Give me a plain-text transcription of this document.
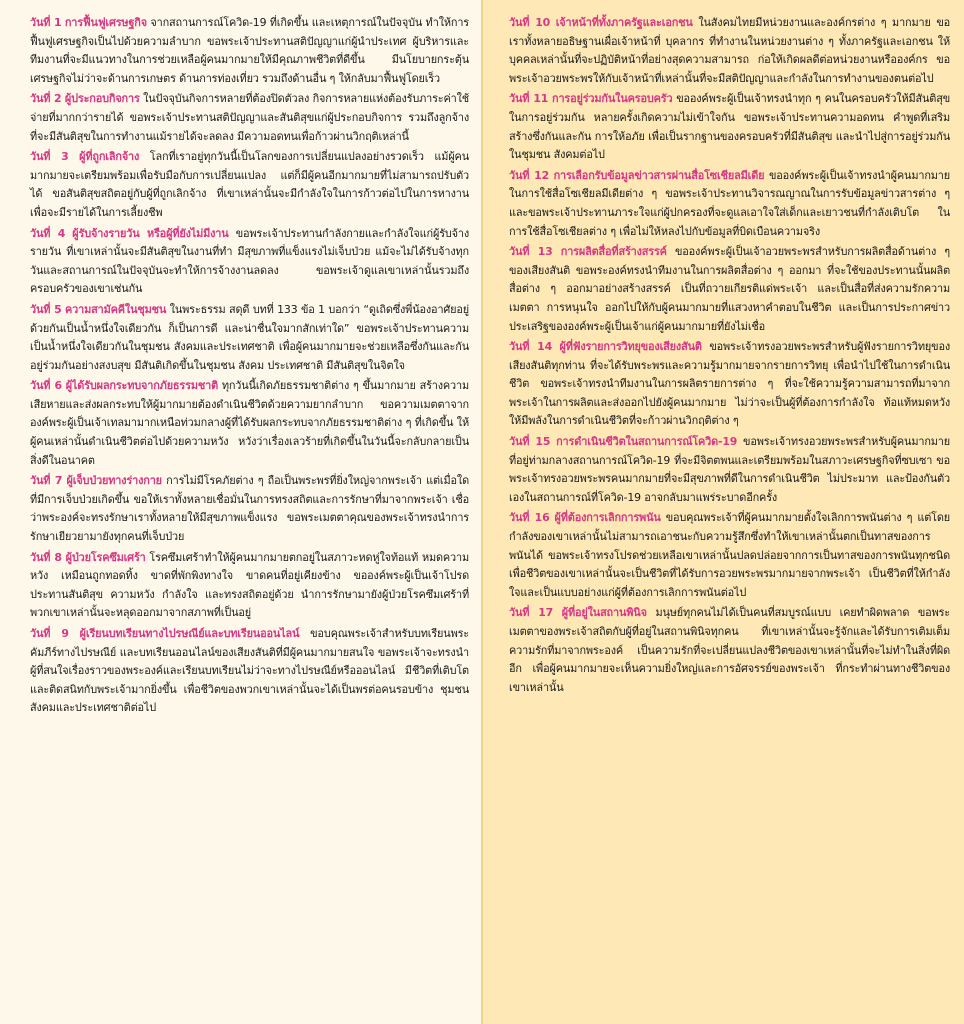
วันที่ 1 การฟื้นฟูเศรษฐกิจ จากสถานการณ์โควิด-19 ที่เกิดขึ้น และเหตุการณ์ในปัจจุบัน ทำให้การฟื้นฟูเศรษฐกิจเป็นไปด้วยความลำบาก ขอพระเจ้าประทานสติปัญญาแก่ผู้นำประเทศ ผู้บริหารและทีมงานที่จะมีแนวทางในการช่วยเหลือผู้คนมากมายให้มีคุณภาพชีวิตที่ดีขึ้น มีนโยบายกระตุ้นเศรษฐกิจไม่ว่าจะด้านการเกษตร ด้านการท่องเที่ยว รวมถึงด้านอื่น ๆ ให้กลับมาฟื้นฟูโดยเร็ว

วันที่ 2 ผู้ประกอบกิจการ ในปัจจุบันกิจการหลายที่ต้องปิดตัวลง กิจการหลายแห่งต้องรับภาระค่าใช้จ่ายที่มากกว่ารายได้ ขอพระเจ้าประทานสติปัญญาและสันติสุขแก่ผู้ประกอบกิจการ รวมถึงลูกจ้างที่จะมีสันติสุขในการทำงานแม้รายได้จะลดลง มีความอดทนเพื่อก้าวผ่านวิกฤติเหล่านี้

วันที่ 3 ผู้ที่ถูกเลิกจ้าง โลกที่เราอยู่ทุกวันนี้เป็นโลกของการเปลี่ยนแปลงอย่างรวดเร็ว แม้ผู้คนมากมายจะเตรียมพร้อมเพื่อรับมือกับการเปลี่ยนแปลง แต่ก็มีผู้คนอีกมากมายที่ไม่สามารถปรับตัวได้ ขอสันติสุขสถิตอยู่กับผู้ที่ถูกเลิกจ้าง ที่เขาเหล่านั้นจะมีกำลังใจในการก้าวต่อไปในการหางาน เพื่อจะมีรายได้ในการเลี้ยงชีพ

วันที่ 4 ผู้รับจ้างรายวัน หรือผู้ที่ยังไม่มีงาน ขอพระเจ้าประทานกำลังกายและกำลังใจแก่ผู้รับจ้างรายวัน ที่เขาเหล่านั้นจะมีสันติสุขในงานที่ทำ มีสุขภาพที่แข็งแรงไม่เจ็บป่วย แม้จะไม่ได้รับจ้างทุกวันและสถานการณ์ในปัจจุบันจะทำให้การจ้างงานลดลง ขอพระเจ้าดูแลเขาเหล่านั้นรวมถึงครอบครัวของเขาเช่นกัน

วันที่ 5 ความสามัคคีในชุมชน ในพระธรรม สดุดี บทที่ 133 ข้อ 1 บอกว่า “ดูเถิดซึ่งพี่น้องอาศัยอยู่ด้วยกันเป็นน้ำหนึ่งใจเดียวกัน ก็เป็นการดี และน่าชื่นใจมากสักเท่าใด” ขอพระเจ้าประทานความเป็นน้ำหนึ่งใจเดียวกันในชุมชน สังคมและประเทศชาติ เพื่อผู้คนมากมายจะช่วยเหลือซึ่งกันและกัน อยู่ร่วมกันอย่างสงบสุข มีสันติเกิดขึ้นในชุมชน สังคม ประเทศชาติ มีสันติสุขในจิตใจ

วันที่ 6 ผู้ได้รับผลกระทบจากภัยธรรมชาติ ทุกวันนี้เกิดภัยธรรมชาติต่าง ๆ ขึ้นมากมาย สร้างความเสียหายและส่งผลกระทบให้ผู้มากมายต้องดำเนินชีวิตด้วยความยากลำบาก ขอความเมตตาจากองค์พระผู้เป็นเจ้าเทลมามากเหนือท่วมกลางผู้ที่ได้รับผลกระทบจากภัยธรรมชาติต่าง ๆ ที่เกิดขึ้น ให้ผู้คนเหล่านั้นดำเนินชีวิตต่อไปด้วยความหวัง หวังว่าเรื่องเลวร้ายที่เกิดขึ้นในวันนี้จะกลับกลายเป็นสิ่งดีในอนาคต

วันที่ 7 ผู้เจ็บป่วยทางร่างกาย การไม่มีโรคภัยต่าง ๆ ถือเป็นพระพรที่ยิ่งใหญ่จากพระเจ้า แต่เมื่อใดที่มีการเจ็บป่วยเกิดขึ้น ขอให้เราทั้งหลายเชื่อมั่นในการทรงสถิตและการรักษาที่มาจากพระเจ้า เชื่อว่าพระองค์จะทรงรักษาเราทั้งหลายให้มีสุขภาพแข็งแรง ขอพระเมตตาคุณของพระเจ้าทรงนำการรักษาเยียวยามายังทุกคนที่เจ็บป่วย

วันที่ 8 ผู้ป่วยโรคซึมเศร้า โรคซึมเศร้าทำให้ผู้คนมากมายตกอยู่ในสภาวะหดหู่ใจท้อแท้ หมดความหวัง เหมือนถูกทอดทิ้ง ขาดที่พักพิงทางใจ ขาดคนที่อยู่เคียงข้าง ขอองค์พระผู้เป็นเจ้าโปรดประทานสันติสุข ความหวัง กำลังใจ และทรงสถิตอยู่ด้วย นำการรักษามายังผู้ป่วยโรคซึมเศร้าที่พวกเขาเหล่านั้นจะหลุดออกมาจากสภาพที่เป็นอยู่

วันที่ 9 ผู้เรียนบทเรียนทางไปรษณีย์และบทเรียนออนไลน์ ขอบคุณพระเจ้าสำหรับบทเรียนพระคัมภีร์ทางไปรษณีย์ และบทเรียนออนไลน์ของเสียงสันติที่มีผู้คนมากมายสนใจ ขอพระเจ้าจะทรงนำผู้ที่สนใจเรื่องราวของพระองค์และเรียนบทเรียนไม่ว่าจะทางไปรษณีย์หรือออนไลน์ มีชีวิตที่เติบโตและติดสนิทกับพระเจ้ามากยิ่งขึ้น เพื่อชีวิตของพวกเขาเหล่านั้นจะได้เป็นพรต่อคนรอบข้าง ชุมชน สังคมและประเทศชาติต่อไป

วันที่ 10 เจ้าหน้าที่ทั้งภาครัฐและเอกชน ในสังคมไทยมีหน่วยงานและองค์กรต่าง ๆ มากมาย ขอเราทั้งหลายอธิษฐานเผื่อเจ้าหน้าที่ บุคลากร ที่ทำงานในหน่วยงานต่าง ๆ ทั้งภาครัฐและเอกชน ให้บุคคลเหล่านั้นที่จะปฏิบัติหน้าที่อย่างสุดความสามารถ ก่อให้เกิดผลดีต่อหน่วยงานหรือองค์กร ขอพระเจ้าอวยพระพรให้กับเจ้าหน้าที่เหล่านั้นที่จะมีสติปัญญาและกำลังในการทำงานของตนต่อไป

วันที่ 11 การอยู่ร่วมกันในครอบครัว ขอองค์พระผู้เป็นเจ้าทรงนำทุก ๆ คนในครอบครัวให้มีสันติสุขในการอยู่ร่วมกัน หลายครั้งเกิดความไม่เข้าใจกัน ขอพระเจ้าประทานความอดทน คำพูดที่เสริมสร้างซึ่งกันและกัน การให้อภัย เพื่อเป็นรากฐานของครอบครัวที่มีสันติสุข และนำไปสู่การอยู่ร่วมกันในชุมชน สังคมต่อไป

วันที่ 12 การเลือกรับข้อมูลข่าวสารผ่านสื่อโซเชียลมีเดีย ขอองค์พระผู้เป็นเจ้าทรงนำผู้คนมากมายในการใช้สื่อโซเชียลมีเดียต่าง ๆ ขอพระเจ้าประทานวิจารณญาณในการรับข้อมูลข่าวสารต่าง ๆ และขอพระเจ้าประทานภาระใจแก่ผู้ปกครองที่จะดูแลเอาใจใส่เด็กและเยาวชนที่กำลังเติบโต ในการใช้สื่อโซเชียลต่าง ๆ เพื่อไม่ให้หลงไปกับข้อมูลที่บิดเบือนความจริง

วันที่ 13 การผลิตสื่อที่สร้างสรรค์ ขอองค์พระผู้เป็นเจ้าอวยพระพรสำหรับการผลิตสื่อด้านต่าง ๆ ของเสียงสันติ ขอพระองค์ทรงนำทีมงานในการผลิตสื่อต่าง ๆ ออกมา ที่จะใช้ของประทานนั้นผลิตสื่อต่าง ๆ ออกมาอย่างสร้างสรรค์ เป็นที่ถวายเกียรติแด่พระเจ้า และเป็นสื่อที่ส่งความรักความเมตตา การหนุนใจ ออกไปให้กับผู้คนมากมายที่แสวงหาคำตอบในชีวิต และเป็นการประกาศข่าวประเสริฐขององค์พระผู้เป็นเจ้าแก่ผู้คนมากมายที่ยังไม่เชื่อ

วันที่ 14 ผู้ที่ฟังรายการวิทยุของเสียงสันติ ขอพระเจ้าทรงอวยพระพรสำหรับผู้ฟังรายการวิทยุของเสียงสันติทุกท่าน ที่จะได้รับพระพรและความรู้มากมายจากรายการวิทยุ เพื่อนำไปใช้ในการดำเนินชีวิต ขอพระเจ้าทรงนำทีมงานในการผลิตรายการต่าง ๆ ที่จะใช้ความรู้ความสามารถที่มาจากพระเจ้าในการผลิตและส่งออกไปยังผู้คนมากมาย ไม่ว่าจะเป็นผู้ที่ต้องการกำลังใจ ท้อแท้หมดหวัง ให้มีพลังในการดำเนินชีวิตที่จะก้าวผ่านวิกฤติต่าง ๆ

วันที่ 15 การดำเนินชีวิตในสถานการณ์โควิด-19 ขอพระเจ้าทรงอวยพระพรสำหรับผู้คนมากมาย ที่อยู่ท่ามกลางสถานการณ์โควิด-19 ที่จะมีจิตตพนและเตรียมพร้อมในสภาวะเศรษฐกิจที่ซบเซา ขอพระเจ้าทรงอวยพระพรคนมากมายที่จะมีสุขภาพที่ดีในการดำเนินชีวิต ไม่ประมาท และป้องกันตัวเองในสถานการณ์ที่โควิด-19 อาจกลับมาแพร่ระบาดอีกครั้ง

วันที่ 16 ผู้ที่ต้องการเลิกการพนัน ขอบคุณพระเจ้าที่ผู้คนมากมายตั้งใจเลิกการพนันต่าง ๆ แต่โดยกำลังของเขาเหล่านั้นไม่สามารถเอาชนะกับความรู้สึกซึ่งทำให้เขาเหล่านั้นตกเป็นทาสของการพนันได้ ขอพระเจ้าทรงโปรดช่วยเหลือเขาเหล่านั้นปลดปล่อยจากการเป็นทาสของการพนันทุกชนิด เพื่อชีวิตของเขาเหล่านั้นจะเป็นชีวิตที่ได้รับการอวยพระพรมากมายจากพระเจ้า เป็นชีวิตที่ให้กำลังใจและเป็นแบบอย่างแก่ผู้ที่ต้องการเลิกการพนันต่อไป

วันที่ 17 ผู้ที่อยู่ในสถานพินิจ มนุษย์ทุกคนไม่ได้เป็นคนที่สมบูรณ์แบบ เคยทำผิดพลาด ขอพระเมตตาของพระเจ้าสถิตกับผู้ที่อยู่ในสถานพินิจทุกคน ที่เขาเหล่านั้นจะรู้จักและได้รับการเติมเต็มความรักที่มาจากพระองค์ เป็นความรักที่จะเปลี่ยนแปลงชีวิตของเขาเหล่านั้นที่จะไม่ทำในสิ่งที่ผิดอีก เพื่อผู้คนมากมายจะเห็นความยิ่งใหญ่และการอัศจรรย์ของพระเจ้า ที่กระทำผ่านทางชีวิตของเขาเหล่านั้น
